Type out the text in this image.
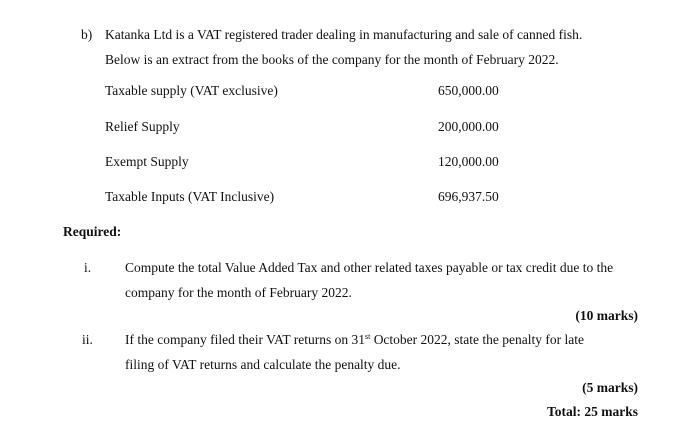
b) Katanka Ltd is a VAT registered trader dealing in manufacturing and sale of canned fish.
Below is an extract from the books of the company for the month of February 2022.
Taxable supply (VAT exclusive)	650,000.00
Relief Supply	200,000.00
Exempt Supply	120,000.00
Taxable Inputs (VAT Inclusive)	696,937.50
Required:
i.	Compute the total Value Added Tax and other related taxes payable or tax credit due to the
company for the month of February 2022.
(10 marks)
ii. If the company filed their VAT returns on 31st October 2022, state the penalty for late
filing of VAT returns and calculate the penalty due.
(5 marks)
Total: 25 marks
